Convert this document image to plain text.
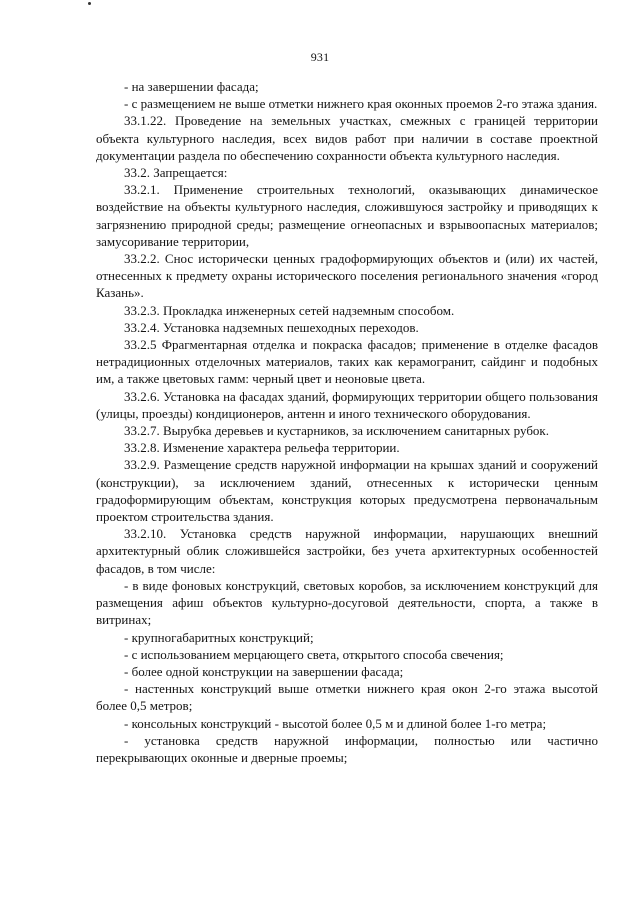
931

- на завершении фасада;

- с размещением не выше отметки нижнего края оконных проемов 2-го этажа здания.

33.1.22. Проведение на земельных участках, смежных с границей территории объекта культурного наследия, всех видов работ при наличии в составе проектной документации раздела по обеспечению сохранности объекта культурного наследия.

33.2. Запрещается:

33.2.1. Применение строительных технологий, оказывающих динамическое воздействие на объекты культурного наследия, сложившуюся застройку и приводящих к загрязнению природной среды; размещение огнеопасных и взрывоопасных материалов; замусоривание территории,

33.2.2. Снос исторически ценных градоформирующих объектов и (или) их частей, отнесенных к предмету охраны исторического поселения регионального значения «город Казань».

33.2.3. Прокладка инженерных сетей надземным способом.

33.2.4. Установка надземных пешеходных переходов.

33.2.5 Фрагментарная отделка и покраска фасадов; применение в отделке фасадов нетрадиционных отделочных материалов, таких как керамогранит, сайдинг и подобных им, а также цветовых гамм: черный цвет и неоновые цвета.

33.2.6. Установка на фасадах зданий, формирующих территории общего пользования (улицы, проезды) кондиционеров, антенн и иного технического оборудования.

33.2.7. Вырубка деревьев и кустарников, за исключением санитарных рубок.

33.2.8. Изменение характера рельефа территории.

33.2.9. Размещение средств наружной информации на крышах зданий и сооружений (конструкции), за исключением зданий, отнесенных к исторически ценным градоформирующим объектам, конструкция которых предусмотрена первоначальным проектом строительства здания.

33.2.10. Установка средств наружной информации, нарушающих внешний архитектурный облик сложившейся застройки, без учета архитектурных особенностей фасадов, в том числе:

- в виде фоновых конструкций, световых коробов, за исключением конструкций для размещения афиш объектов культурно-досуговой деятельности, спорта, а также в витринах;

- крупногабаритных конструкций;

- с использованием мерцающего света, открытого способа свечения;

- более одной конструкции на завершении фасада;

- настенных конструкций выше отметки нижнего края окон 2-го этажа высотой более 0,5 метров;

- консольных конструкций - высотой более 0,5 м и длиной более 1-го метра;

- установка средств наружной информации, полностью или частично перекрывающих оконные и дверные проемы;
